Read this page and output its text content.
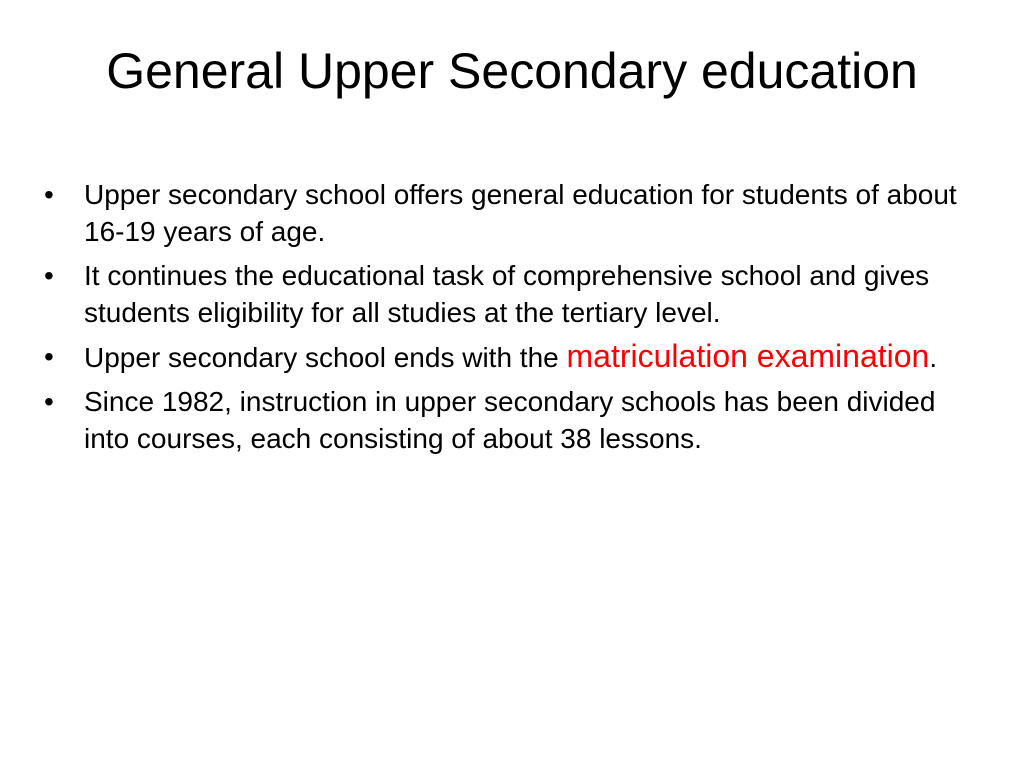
General Upper Secondary education
• Upper secondary school offers general education for students of about 16-19 years of age.
• It continues the educational task of comprehensive school and gives students eligibility for all studies at the tertiary level.
• Upper secondary school ends with the matriculation examination.
• Since 1982, instruction in upper secondary schools has been divided into courses, each consisting of about 38 lessons.
